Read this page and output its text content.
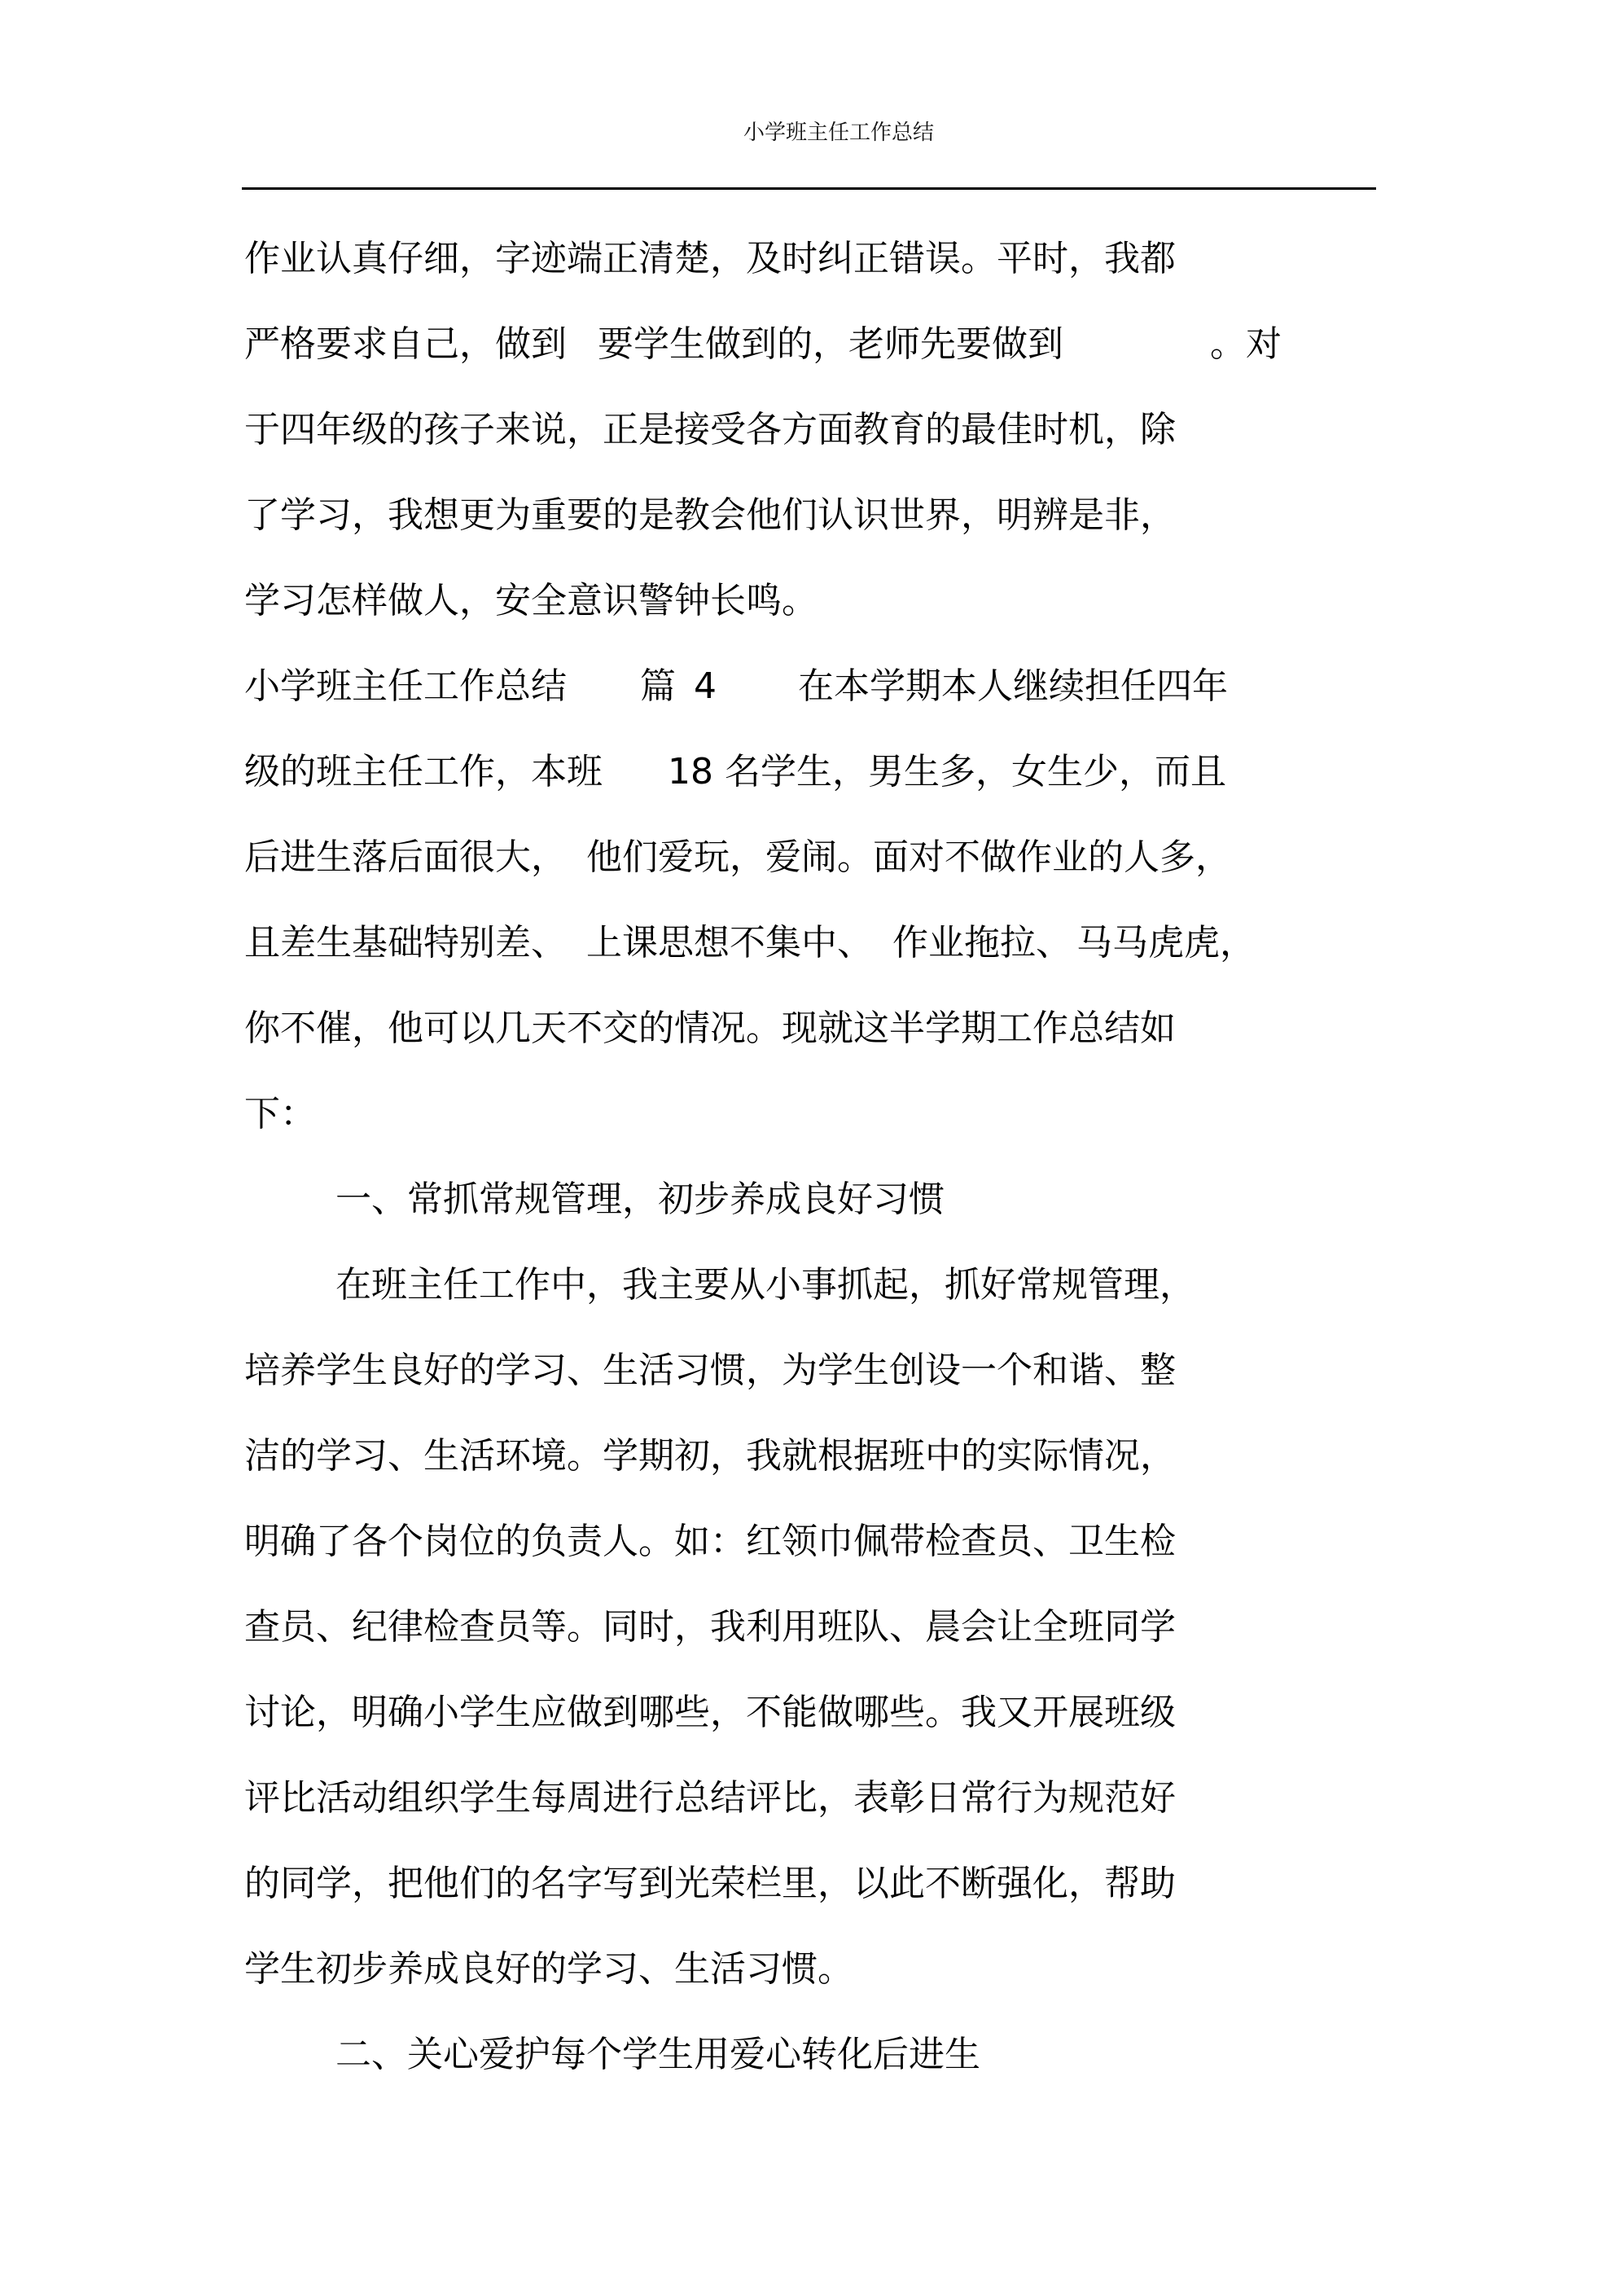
小学班主任工作总结
作业认真仔细，字迹端正清楚，及时纠正错误。平时，我都
严格要求自己，做到 要学生做到的，老师先要做到	。对
于四年级的孩子来说，正是接受各方面教育的最佳时机，除
了学习，我想更为重要的是教会他们认识世界，明辨是非，
学习怎样做人，安全意识警钟长鸣。
小学班主任工作总结 篇 4 在本学期本人继续担任四年
级的班主任工作，本班 18 名学生，男生多，女生少，而且
后进生落后面很大， 他们爱玩，爱闹。面对不做作业的人多，
且差生基础特别差、 上课思想不集中、 作业拖拉、 马马虎虎，
你不催，他可以几天不交的情况。现就这半学期工作总结如
下：
一、常抓常规管理，初步养成良好习惯
在班主任工作中，我主要从小事抓起，抓好常规管理，
培养学生良好的学习、生活习惯，为学生创设一个和谐、整
洁的学习、生活环境。学期初，我就根据班中的实际情况，
明确了各个岗位的负责人。如：红领巾佩带检查员、卫生检
查员、纪律检查员等。同时，我利用班队、晨会让全班同学
讨论，明确小学生应做到哪些，不能做哪些。我又开展班级
评比活动组织学生每周进行总结评比，表彰日常行为规范好
的同学，把他们的名字写到光荣栏里，以此不断强化，帮助
学生初步养成良好的学习、生活习惯。
二、关心爱护每个学生用爱心转化后进生
